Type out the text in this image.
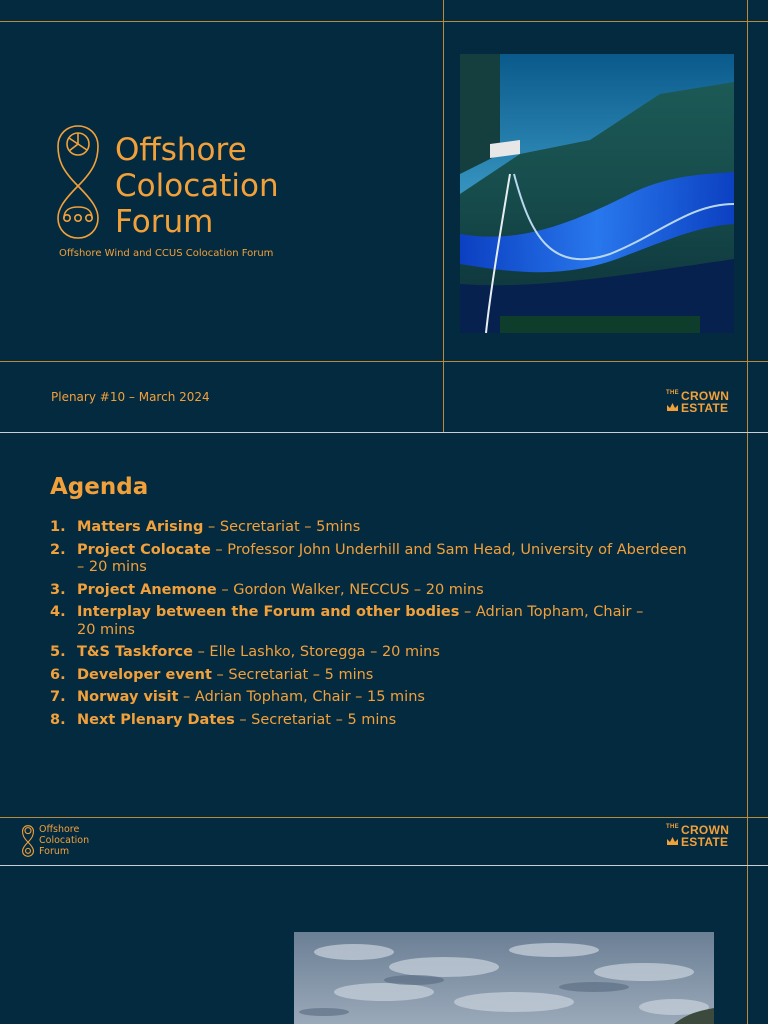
Offshore
Colocation
Forum
Offshore Wind and CCUS Colocation Forum
Plenary #10 – March 2024	THE CROWN
ESTATE
Agenda
1. Matters Arising – Secretariat – 5mins
2. Project Colocate – Professor John Underhill and Sam Head, University of Aberdeen – 20 mins
3. Project Anemone – Gordon Walker, NECCUS – 20 mins
4. Interplay between the Forum and other bodies – Adrian Topham, Chair – 20 mins
5. T&S Taskforce – Elle Lashko, Storegga – 20 mins
6. Developer event – Secretariat – 5 mins
7. Norway visit – Adrian Topham, Chair – 15 mins
8. Next Plenary Dates – Secretariat – 5 mins
Offshore
Colocation
Forum
THE CROWN
ESTATE
